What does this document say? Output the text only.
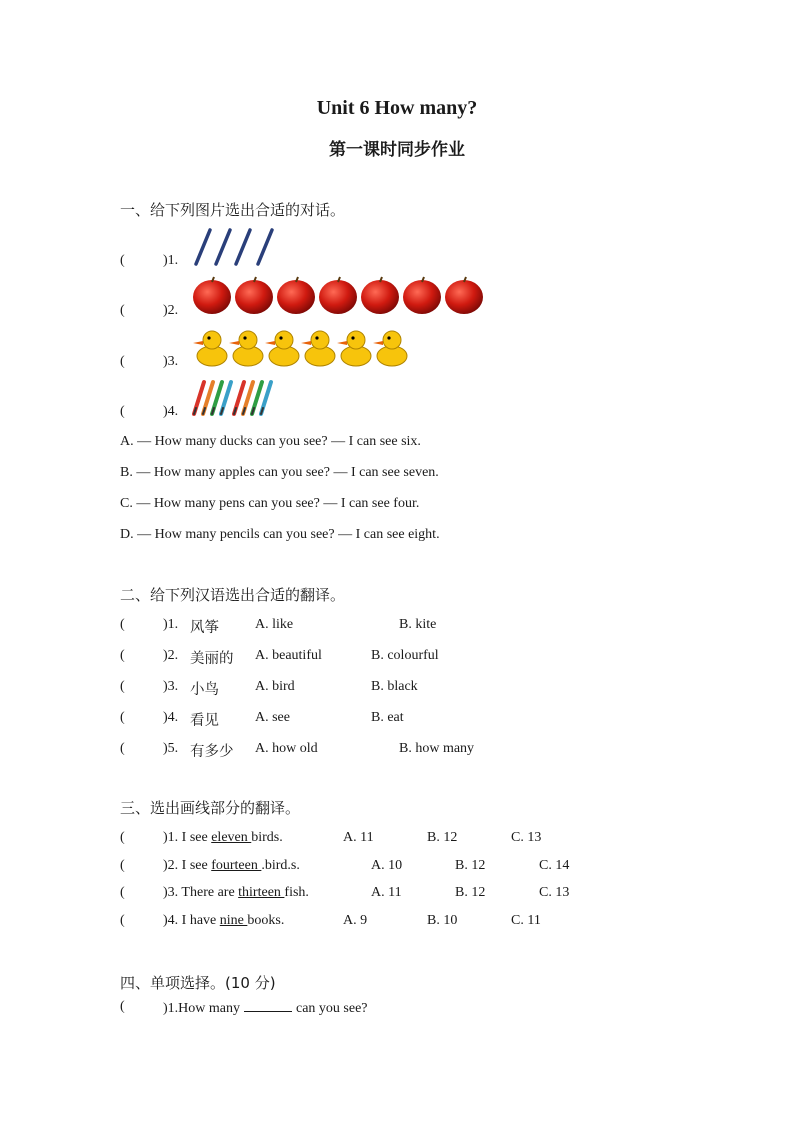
Unit 6 How many?
第一课时同步作业
一、给下列图片选出合适的对话。
(	)1.
(	)2.
(	)3.
(	)4.
A. — How many ducks can you see? — I can see six.
B. — How many apples can you see? — I can see seven.
C. — How many pens can you see? — I can see four.
D. — How many pencils can you see? — I can see eight.
二、给下列汉语选出合适的翻译。
(	)1. 风筝	A. like	B. kite
(	)2. 美丽的 A. beautiful	B. colourful
(	)3. 小鸟	A. bird	B. black
(	)4. 看见	A. see	B. eat
(	)5. 有多少 A. how old	B. how many
三、选出画线部分的翻译。
(	)1. I see eleven birds.	A. 11	B. 12	C. 13
(	)2. I see fourteen .bird.s.	A. 10	B. 12	C. 14
(	)3. There are thirteen fish.	A. 11	B. 12	C. 13
(	)4. I have nine books.	A. 9	B. 10	C. 11
四、单项选择。(10 分)
(	)1.How many	can you see?
